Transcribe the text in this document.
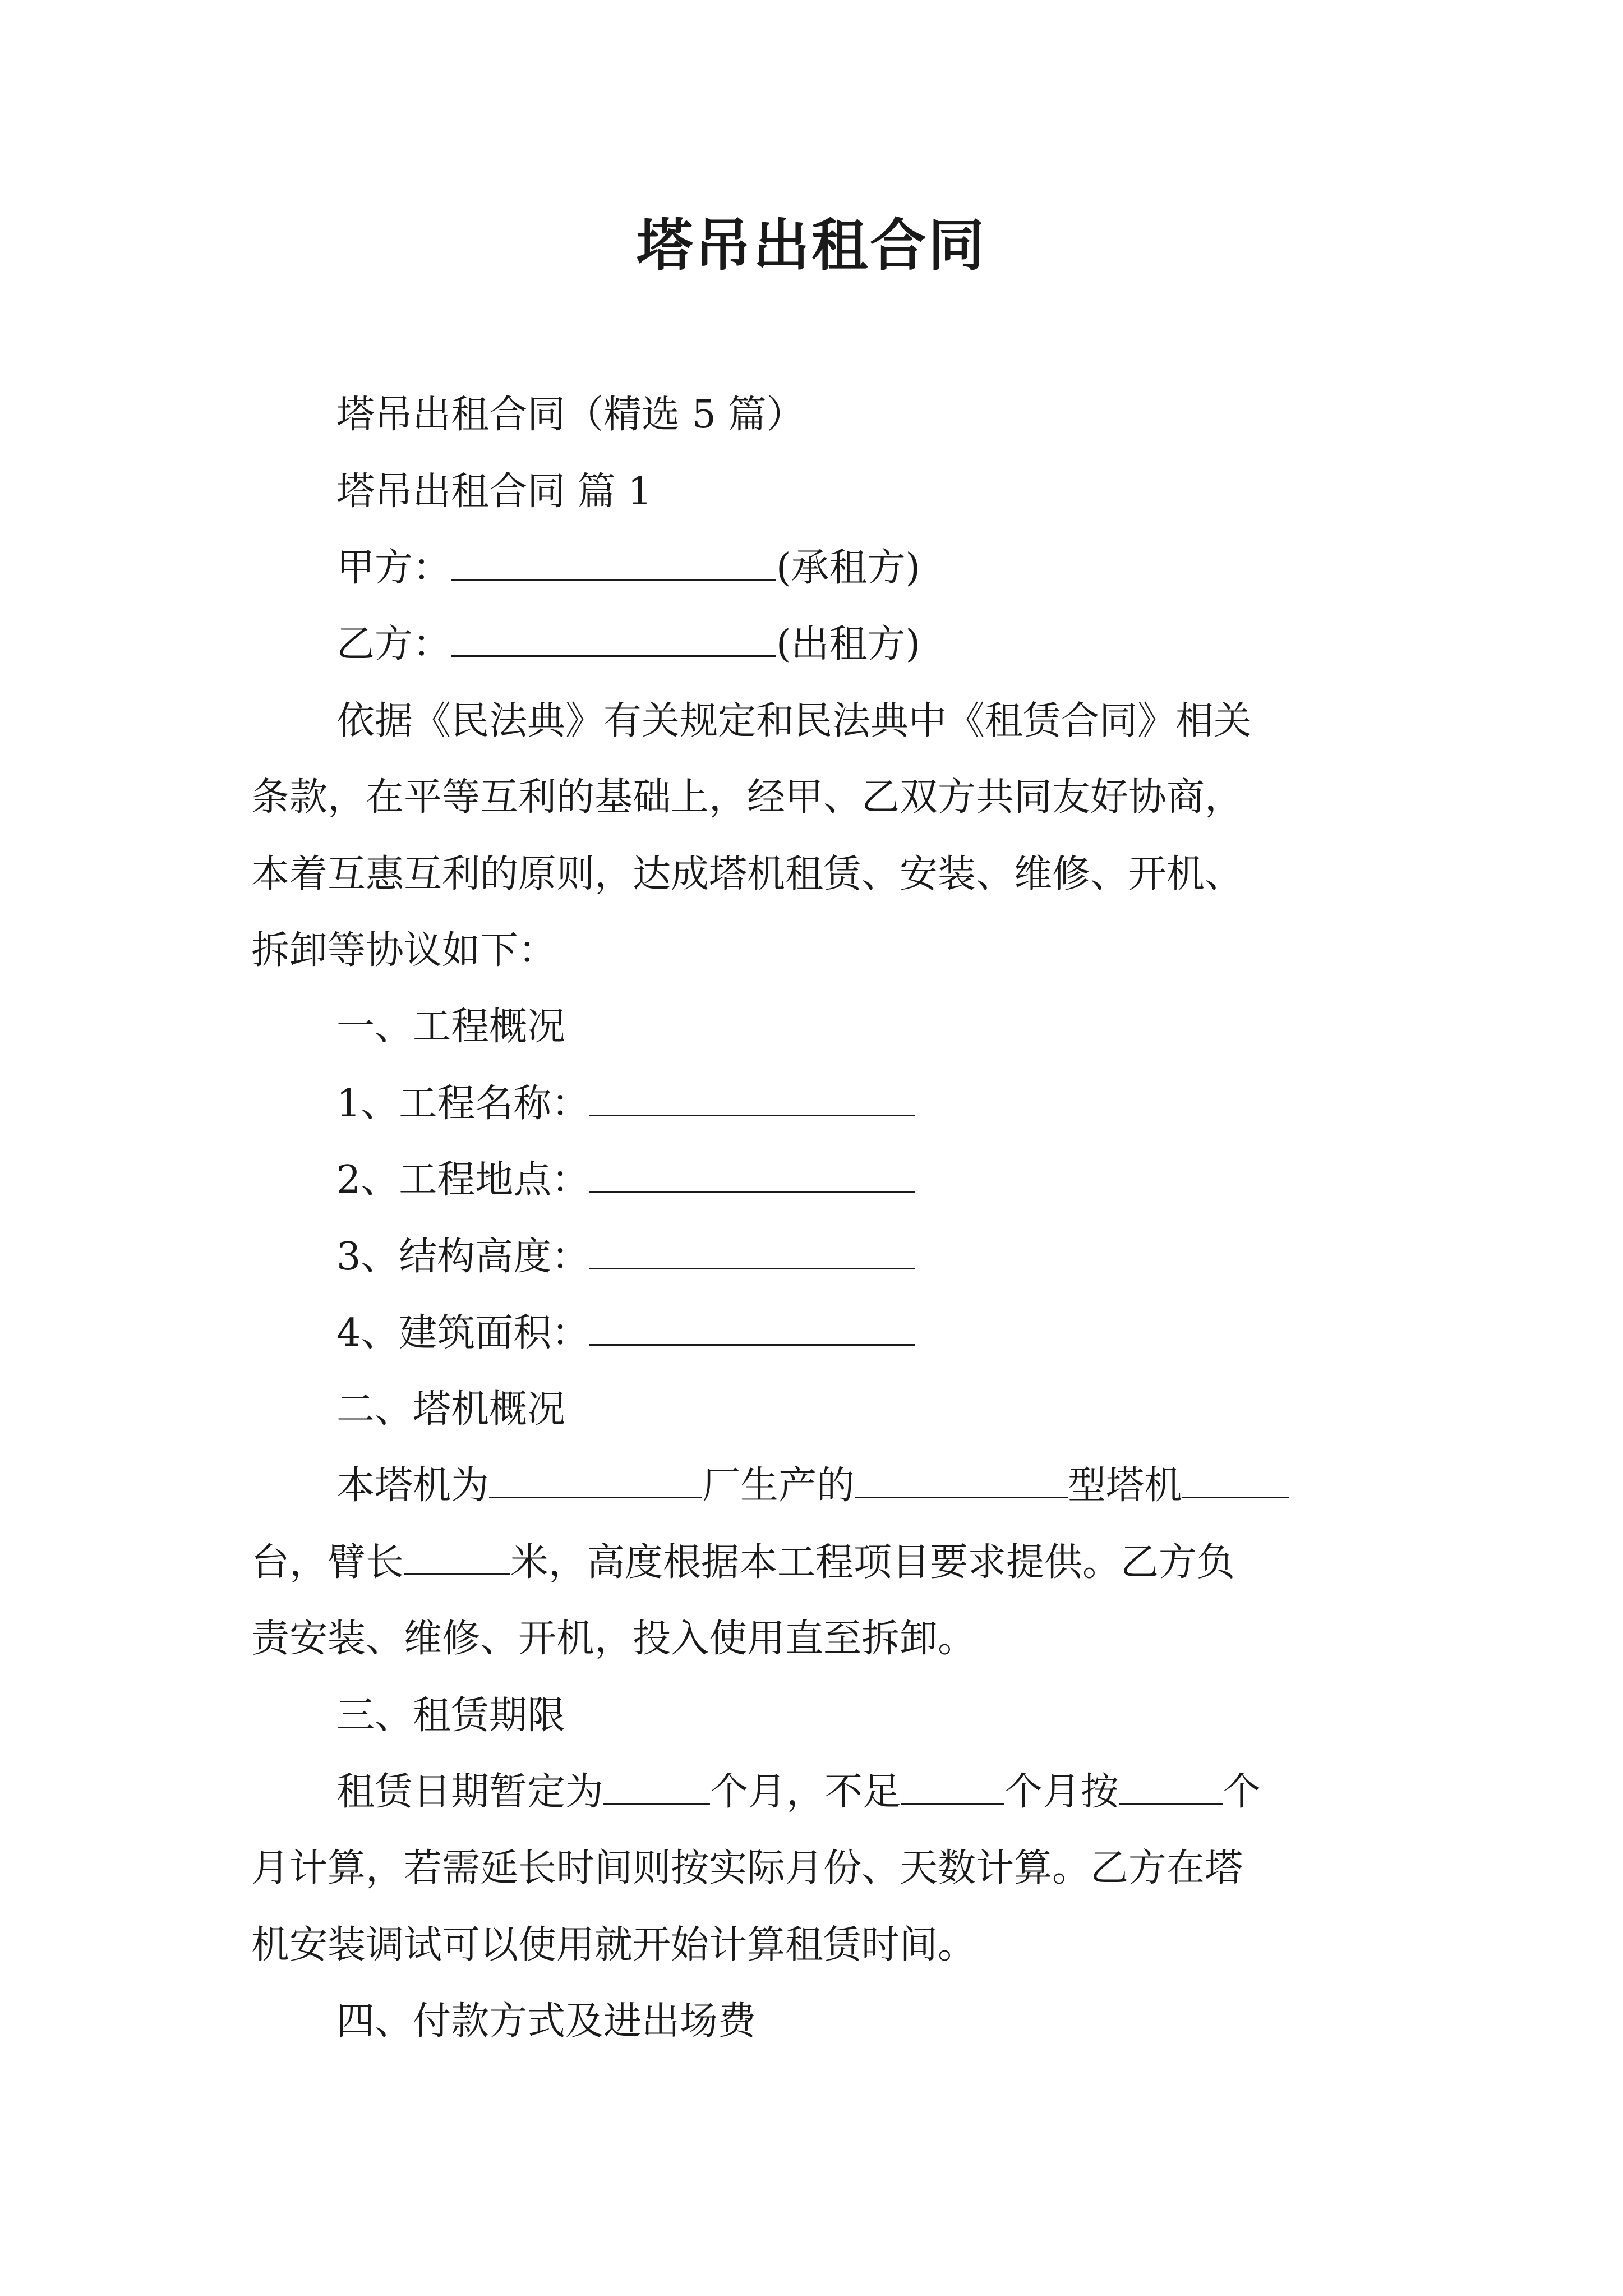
塔吊出租合同
塔吊出租合同（精选 5 篇）
塔吊出租合同 篇 1
甲方：	(承租方)
乙方：	(出租方)
依据《民法典》有关规定和民法典中《租赁合同》相关
条款，在平等互利的基础上，经甲、乙双方共同友好协商，
本着互惠互利的原则，达成塔机租赁、安装、维修、开机、
拆卸等协议如下：
一、工程概况
1、工程名称：
2、工程地点：
3、结构高度：
4、建筑面积：
二、塔机概况
本塔机为	厂生产的	型塔机
台，臂长	米，高度根据本工程项目要求提供。乙方负
责安装、维修、开机，投入使用直至拆卸。
三、租赁期限
租赁日期暂定为	个月，不足	个月按	个
月计算，若需延长时间则按实际月份、天数计算。乙方在塔
机安装调试可以使用就开始计算租赁时间。
四、付款方式及进出场费
